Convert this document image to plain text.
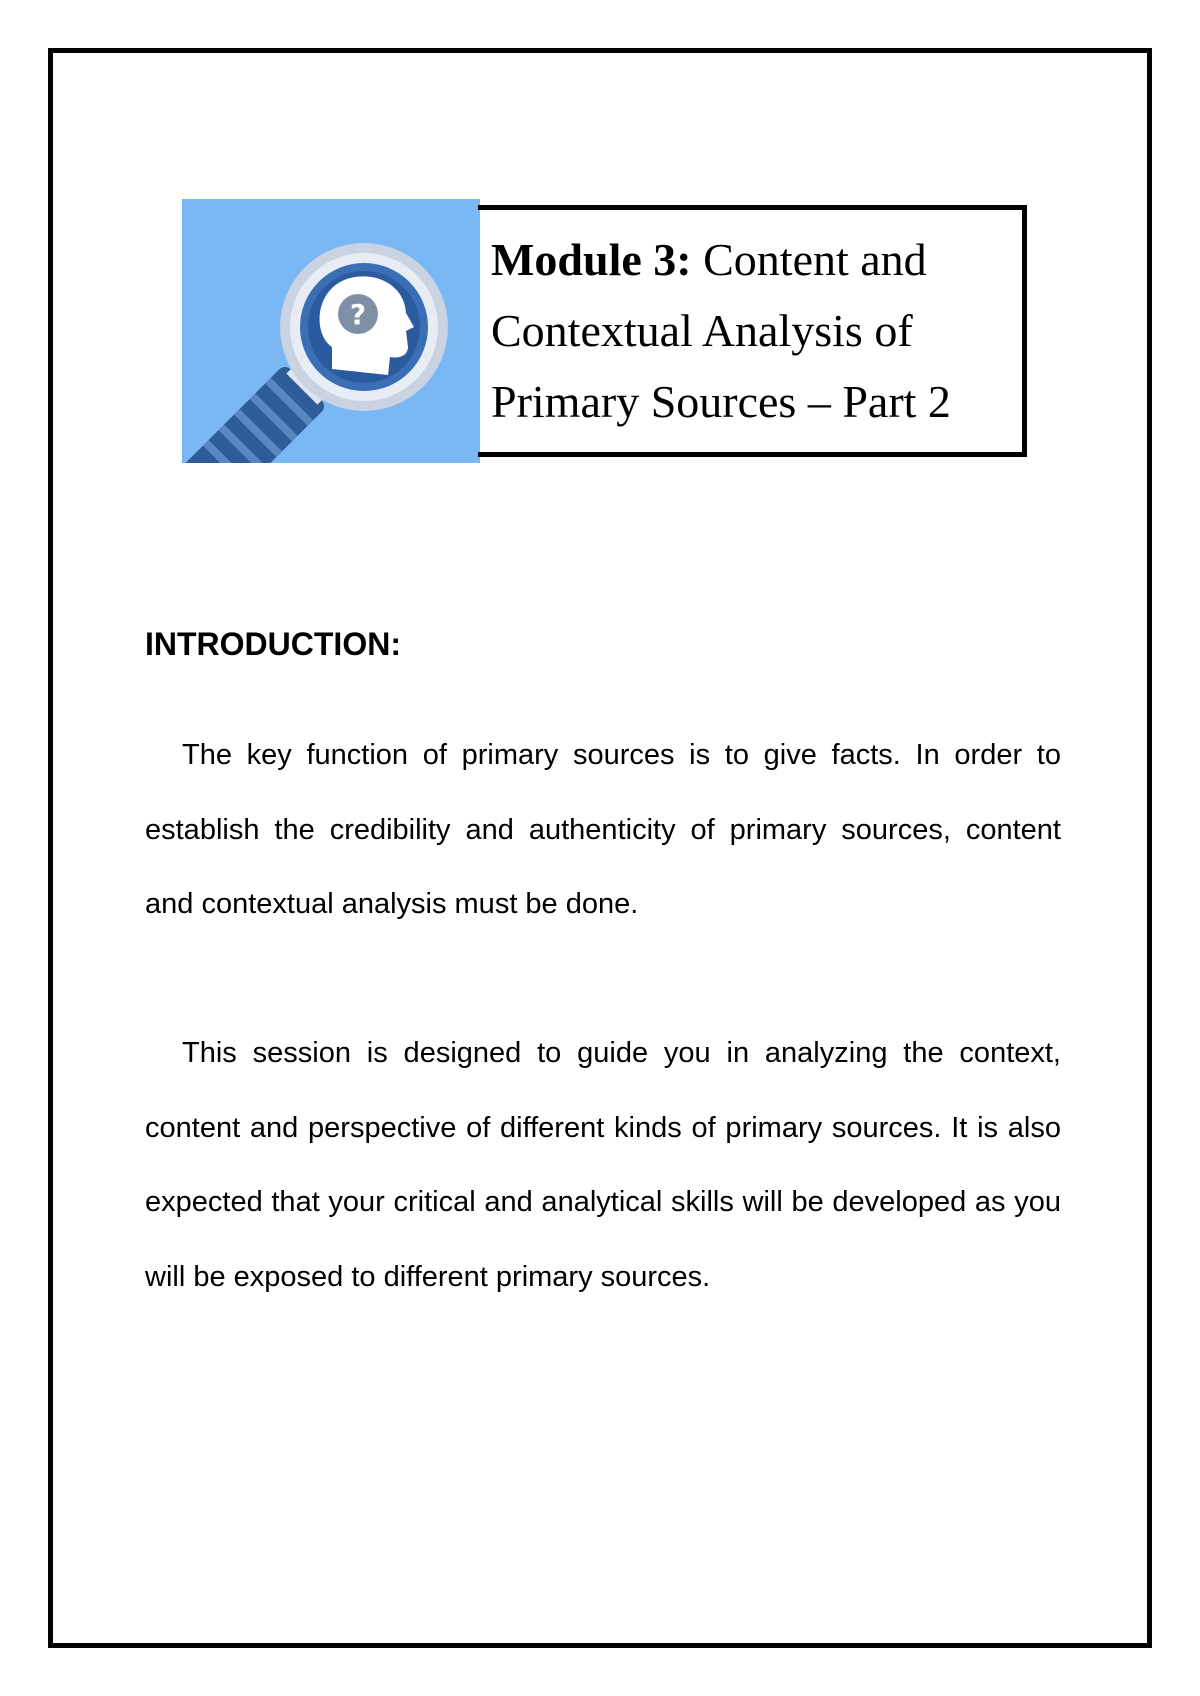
?
Module 3: Content and Contextual Analysis of Primary Sources – Part 2
INTRODUCTION:

The key function of primary sources is to give facts. In order to establish the credibility and authenticity of primary sources, content and contextual analysis must be done.

This session is designed to guide you in analyzing the context, content and perspective of different kinds of primary sources. It is also expected that your critical and analytical skills will be developed as you will be exposed to different primary sources.
